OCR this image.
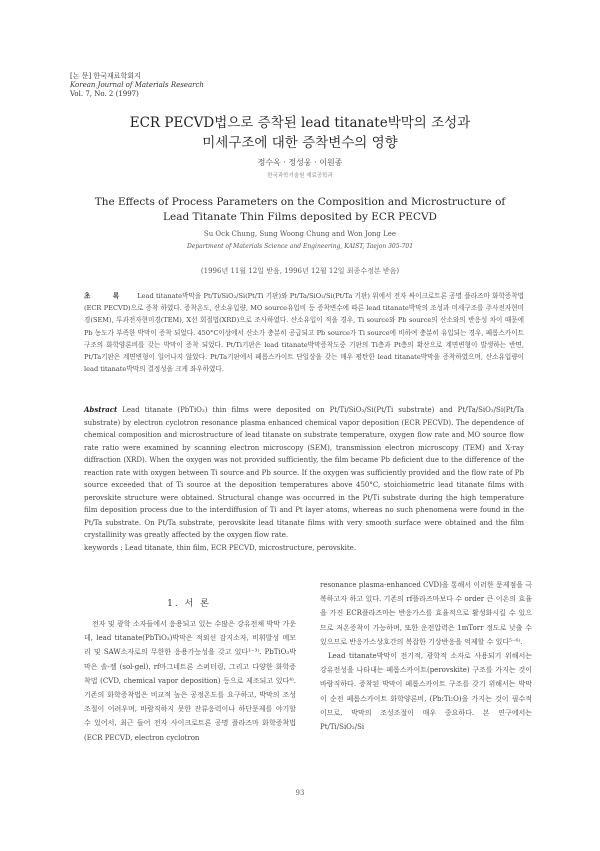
[논 문] 한국재료학회지
Korean Journal of Materials Research
Vol. 7, No. 2 (1997)
ECR PECVD법으로 증착된 lead titanate박막의 조성과
미세구조에 대한 증착변수의 영향
정수옥 · 정성웅 · 이원종
한국과학기술원 재료공학과
The Effects of Process Parameters on the Composition and Microstructure of
Lead Titanate Thin Films deposited by ECR PECVD
Su Ock Chung, Sung Woong Chung and Won Jong Lee
Department of Materials Science and Engineering, KAIST, Taejon 305-701
(1996년 11월 12일 받음, 1996년 12월 12일 최종수정본 받음)
초 록 Lead titanate박막을 Pt/Ti/SiO₂/Si(Pt/Ti 기판)와 Pt/Ta/SiO₂/Si(Pt/Ta 기판) 위에서 전자 싸이크로트론 공명 플라즈마 화학증착법(ECR PECVD)으로 증착 하였다. 증착온도, 산소유입량, MO source유입비 등 증착변수에 따른 lead titanate박막의 조성과 미세구조를 주사전자현미경(SEM), 투과전자현미경(TEM), X선 회절법(XRD)으로 조사하였다. 산소유입이 적을 경우, Ti source와 Pb source의 산소와의 반응성 차이 때문에 Pb 농도가 부족한 박막이 증착 되었다. 450°C이상에서 산소가 충분히 공급되고 Pb source가 Ti source에 비하여 충분히 유입되는 경우, 페롭스카이트 구조의 화학양론비를 갖는 박막이 증착 되었다. Pt/Ti기판은 lead titanate박막증착도중 기판의 Ti층과 Pt층의 확산으로 계면변형이 발생하는 반면, Pt/Ta기판은 계면변형이 일어나지 않았다. Pt/Ta기판에서 페롭스카이트 단일상을 갖는 매우 평탄한 lead titanate박막을 증착하였으며, 산소유입량이 lead titanate박막의 결정성을 크게 좌우하였다.
Abstract Lead titanate (PbTiO₃) thin films were deposited on Pt/Ti/SiO₂/Si(Pt/Ti substrate) and Pt/Ta/SiO₂/Si(Pt/Ta substrate) by electron cyclotron resonance plasma enhanced chemical vapor deposition (ECR PECVD). The dependence of chemical composition and microstructure of lead titanate on substrate temperature, oxygen flow rate and MO source flow rate ratio were examined by scanning electron microscopy (SEM), transmission electron microscopy (TEM) and X-ray diffraction (XRD). When the oxygen was not provided sufficiently, the film became Pb deficient due to the difference of the reaction rate with oxygen between Ti source and Pb source. If the oxygen was sufficiently provided and the flow rate of Pb source exceeded that of Ti source at the deposition temperatures above 450°C, stoichiometric lead titanate films with perovskite structure were obtained. Structural change was occurred in the Pt/Ti substrate during the high temperature film deposition process due to the interdiffusion of Ti and Pt layer atoms, whereas no such phenomena were found in the Pt/Ta substrate. On Pt/Ta substrate, perovskite lead titanate films with very smooth surface were obtained and the film crystallinity was greatly affected by the oxygen flow rate.
keywords : Lead titanate, thin film, ECR PECVD, microstructure, perovskite.
1. 서 론

전자 및 광학 소자들에서 응용되고 있는 수많은 강유전체 박막 가운데, lead titanate(PbTiO₃)박막은 적외선 감지소자, 비휘발성 메모리 및 SAW소자로의 무한한 응용가능성을 갖고 있다¹⁻³⁾. PbTiO₃박막은 솔-젤 (sol-gel), rf마그네트론 스퍼터링, 그리고 다양한 화학증착법 (CVD, chemical vapor deposition) 등으로 제조되고 있다⁴⁾. 기존의 화학증착법은 비교적 높은 공정온도를 요구하고, 박막의 조성 조절이 어려우며, 바람직하지 못한 잔류응력이나 하단문제를 야기할 수 있어서, 최근 들어 전자 사이크로트론 공명 플라즈마 화학증착법(ECR PECVD, electron cyclotron

resonance plasma-enhanced CVD)을 통해서 이러한 문제점을 극복하고자 하고 있다. 기존의 rf플라즈마보다 수 order 큰 이온의 효율을 가진 ECR플라즈마는 반응가스를 효율적으로 활성화시킬 수 있으므로 저온증착이 가능하며, 또한 운전압력은 1mTorr 정도로 낮출 수 있으므로 반응가스상호간의 복잡한 기상반응을 억제할 수 있다⁵⁻⁶⁾.

Lead titanate박막이 전기적, 광학적 소자로 사용되기 위해서는 강유전성을 나타내는 페롭스카이트(perovskite) 구조를 가지는 것이 바람직하다. 증착된 박막이 페롭스카이트 구조를 갖기 위해서는 박막이 순전 페롭스카이트 화학양론비, (Pb:Ti:O)을 가지는 것이 필수적이므로, 박막의 조성조절이 매우 중요하다. 본 연구에서는 Pt/Ti/SiO₂/Si

93
